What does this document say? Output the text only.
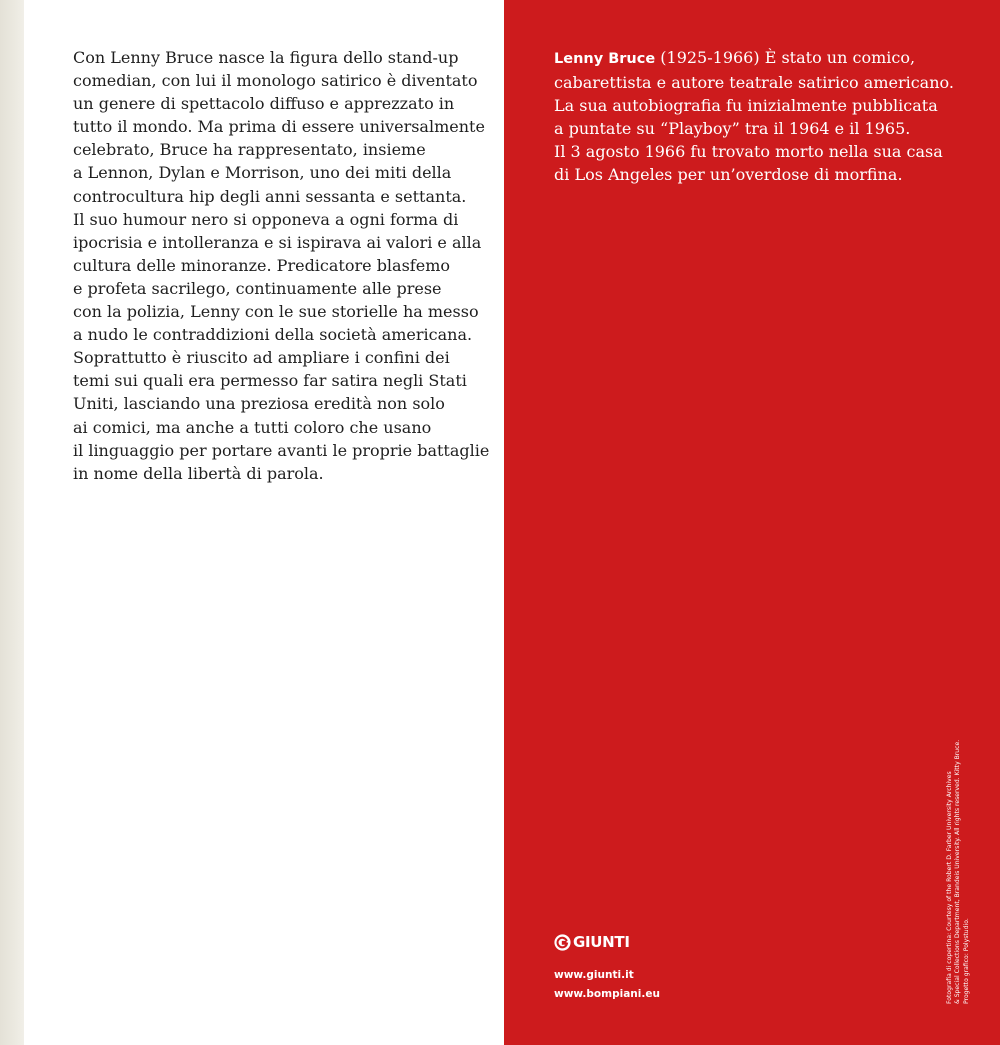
Con Lenny Bruce nasce la figura dello stand-up
comedian, con lui il monologo satirico è diventato
un genere di spettacolo diffuso e apprezzato in
tutto il mondo. Ma prima di essere universalmente
celebrato, Bruce ha rappresentato, insieme
a Lennon, Dylan e Morrison, uno dei miti della
controcultura hip degli anni sessanta e settanta.
Il suo humour nero si opponeva a ogni forma di
ipocrisia e intolleranza e si ispirava ai valori e alla
cultura delle minoranze. Predicatore blasfemo
e profeta sacrilego, continuamente alle prese
con la polizia, Lenny con le sue storielle ha messo
a nudo le contraddizioni della società americana.
Soprattutto è riuscito ad ampliare i confini dei
temi sui quali era permesso far satira negli Stati
Uniti, lasciando una preziosa eredità non solo
ai comici, ma anche a tutti coloro che usano
il linguaggio per portare avanti le proprie battaglie
in nome della libertà di parola.

Lenny Bruce (1925-1966) È stato un comico,
cabarettista e autore teatrale satirico americano.
La sua autobiografia fu inizialmente pubblicata
a puntate su “Playboy” tra il 1964 e il 1965.
Il 3 agosto 1966 fu trovato morto nella sua casa
di Los Angeles per un’overdose di morfina.

GIUNTI
www.giunti.it
www.bompiani.eu	Fotografia di copertina: Courtesy of the Robert D. Farber University Archives & Special Collections Department, Brandeis University. All rights reserved. Kitty Bruce. Progetto grafico: Polystudio.
